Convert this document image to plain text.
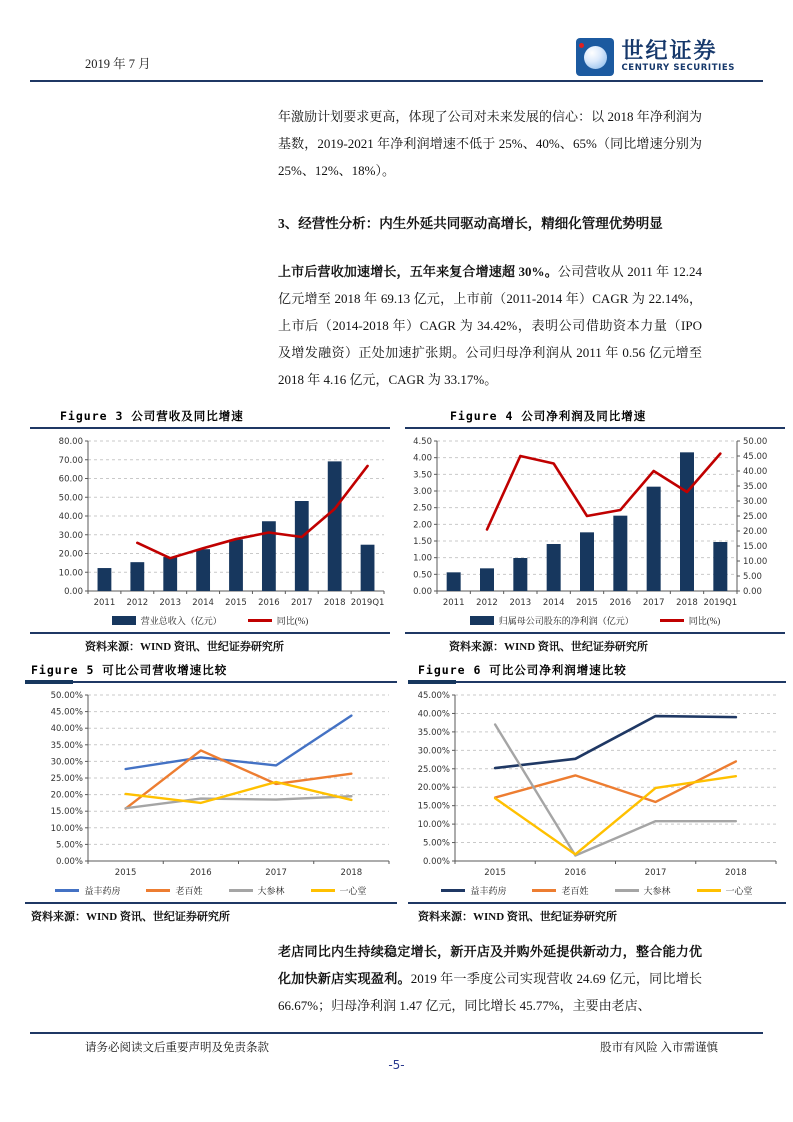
2019 年 7 月	世纪证券
CENTURY SECURITIES
年激励计划要求更高，体现了公司对未来发展的信心：以 2018 年净利润为基数，2019-2021 年净利润增速不低于 25%、40%、65%（同比增速分别为 25%、12%、18%）。
3、经营性分析：内生外延共同驱动高增长，精细化管理优势明显
上市后营收加速增长，五年来复合增速超 30%。公司营收从 2011 年 12.24 亿元增至 2018 年 69.13 亿元，上市前（2011-2014 年）CAGR 为 22.14%，上市后（2014-2018 年）CAGR 为 34.42%，表明公司借助资本力量（IPO 及增发融资）正处加速扩张期。公司归母净利润从 2011 年 0.56 亿元增至 2018 年 4.16 亿元，CAGR 为 33.17%。
Figure 3 公司营收及同比增速
0.00
10.00
20.00
30.00
40.00
50.00
60.00
70.00
80.00
2011 2012 2013 2014 2015 2016 2017 2018 2019Q1
营业总收入（亿元）	同比(%)
资料来源：WIND 资讯、世纪证券研究所
Figure 4 公司净利润及同比增速
0.00
0.50
1.00
1.50
2.00
2.50
3.00
3.50
4.00
4.50
0.00
5.00
10.00
15.00
20.00
25.00
30.00
35.00
40.00
45.00
50.00
2011 2012 2013 2014 2015 2016 2017 2018 2019Q1
归属母公司股东的净利润（亿元）	同比(%)
资料来源：WIND 资讯、世纪证券研究所
Figure 5 可比公司营收增速比较
0.00%
5.00%
10.00%
15.00%
20.00%
25.00%
30.00%
35.00%
40.00%
45.00%
50.00%
2015	2016	2017	2018
益丰药房	老百姓	大参林	一心堂
资料来源：WIND 资讯、世纪证券研究所
Figure 6 可比公司净利润增速比较
0.00%
5.00%
10.00%
15.00%
20.00%
25.00%
30.00%
35.00%
40.00%
45.00%
2015	2016	2017	2018
益丰药房	老百姓	大参林	一心堂
资料来源：WIND 资讯、世纪证券研究所
老店同比内生持续稳定增长，新开店及并购外延提供新动力，整合能力优化加快新店实现盈利。2019 年一季度公司实现营收 24.69 亿元，同比增长 66.67%；归母净利润 1.47 亿元，同比增长 45.77%，主要由老店、
请务必阅读文后重要声明及免责条款	股市有风险 入市需谨慎
-5-
